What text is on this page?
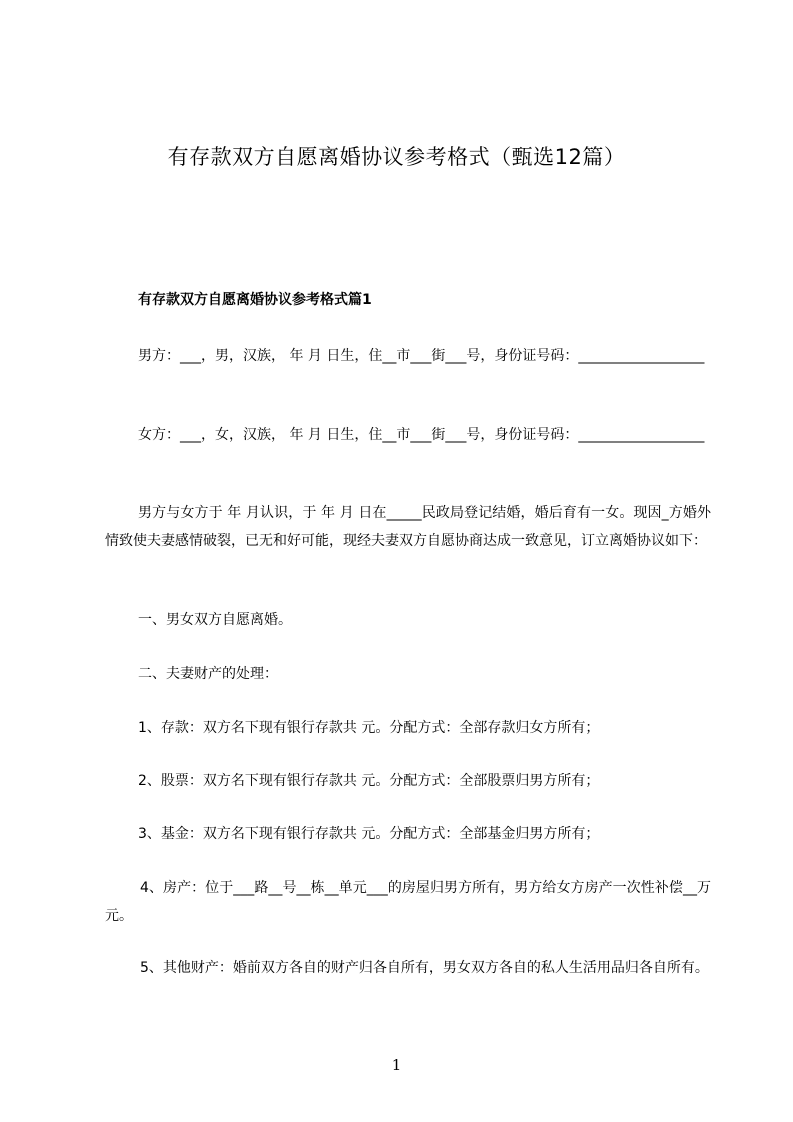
有存款双方自愿离婚协议参考格式（甄选12篇）
有存款双方自愿离婚协议参考格式篇1
男方：___，男，汉族， 年 月 日生，住__市___街___号，身份证号码：__________________
女方：___，女，汉族， 年 月 日生，住__市___街___号，身份证号码：__________________
男方与女方于 年 月认识，于 年 月 日在_____民政局登记结婚，婚后育有一女。现因_方婚外情致使夫妻感情破裂，已无和好可能，现经夫妻双方自愿协商达成一致意见，订立离婚协议如下：
一、男女双方自愿离婚。
二、夫妻财产的处理：
1、存款：双方名下现有银行存款共 元。分配方式：全部存款归女方所有；
2、股票：双方名下现有银行存款共 元。分配方式：全部股票归男方所有；
3、基金：双方名下现有银行存款共 元。分配方式：全部基金归男方所有；
4、房产：位于___路__号__栋__单元___的房屋归男方所有，男方给女方房产一次性补偿__万元。
5、其他财产：婚前双方各自的财产归各自所有，男女双方各自的私人生活用品归各自所有。
1
